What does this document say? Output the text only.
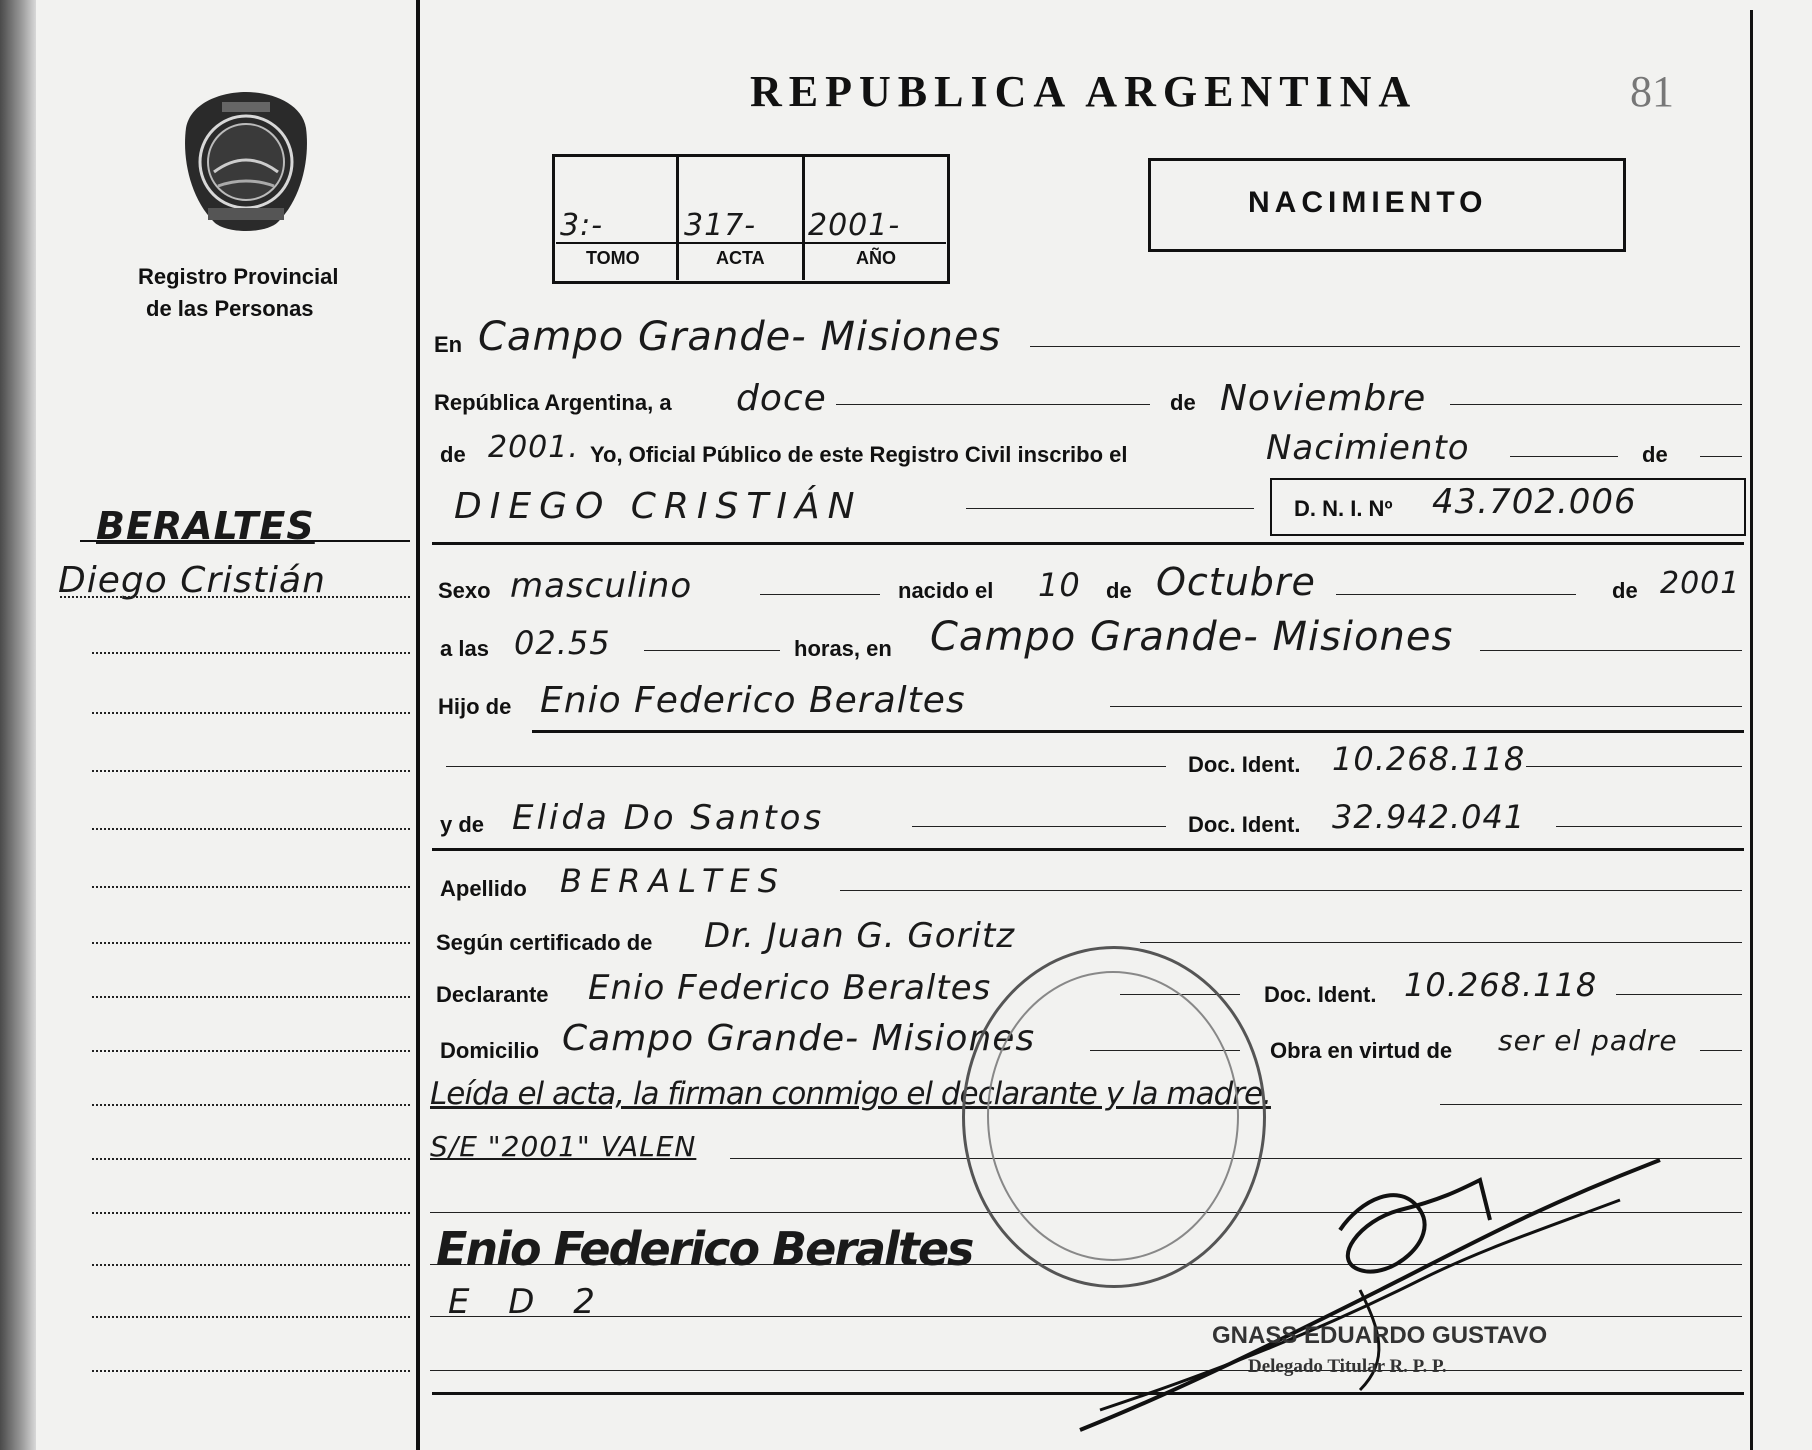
Registro Provincial
de las Personas
BERALTES
Diego Cristián
REPUBLICA ARGENTINA	81
3:-	317- 2001-
TOMO	ACTA	AÑO
NACIMIENTO
En Campo Grande- Misiones
República Argentina, a doce	de Noviembre
de 2001. Yo, Oficial Público de este Registro Civil inscribo el	Nacimiento	de
DIEGO CRISTIÁN	D. N. I. Nº 43.702.006
Sexo masculino	nacido el 10 de Octubre	de 2001
a las 02.55	horas, en Campo Grande- Misiones
Hijo de Enio Federico Beraltes
Doc. Ident. 10.268.118
y de Elida Do Santos	Doc. Ident. 32.942.041
Apellido BERALTES
Según certificado de Dr. Juan G. Goritz
Declarante Enio Federico Beraltes	Doc. Ident. 10.268.118
Domicilio Campo Grande- Misiones	Obra en virtud de ser el padre
Leída el acta, la firman conmigo el declarante y la madre.
S/E "2001" VALEN
Enio Federico Beraltes
E D 2
GNASS EDUARDO GUSTAVO
Delegado Titular R. P. P.
